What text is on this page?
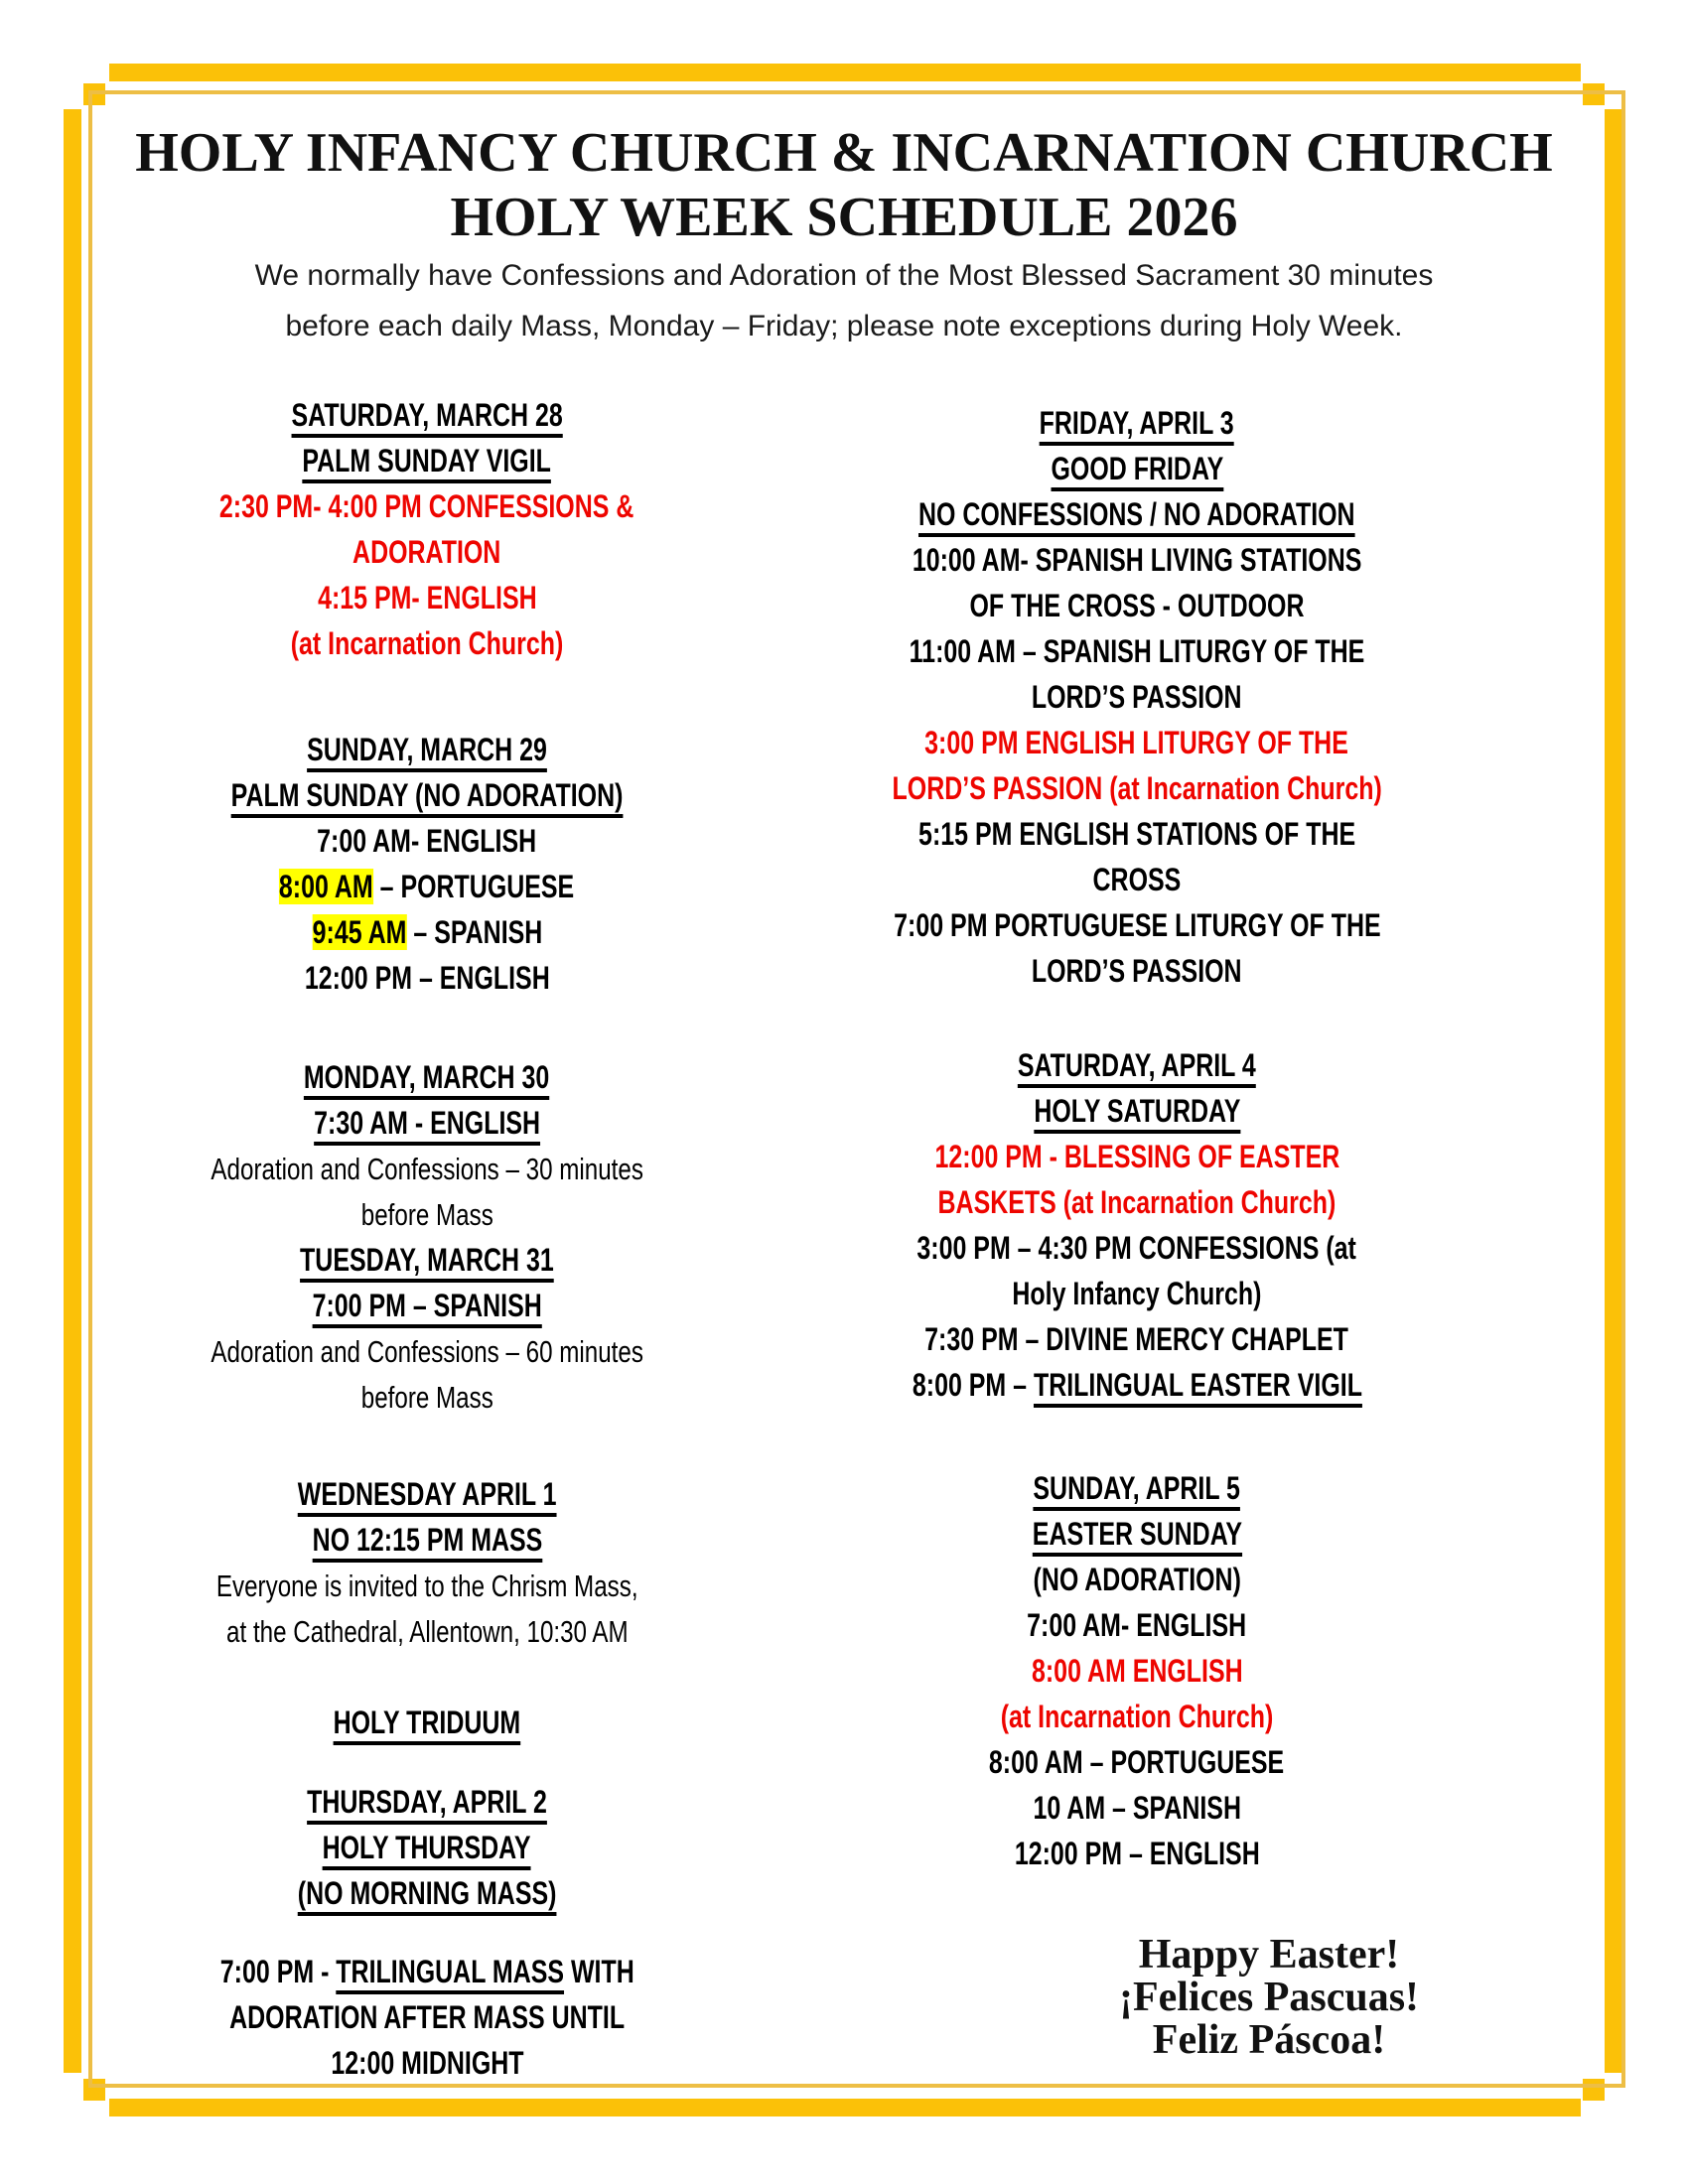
HOLY INFANCY CHURCH & INCARNATION CHURCH
HOLY WEEK SCHEDULE 2026
We normally have Confessions and Adoration of the Most Blessed Sacrament 30 minutes
before each daily Mass, Monday – Friday; please note exceptions during Holy Week.
SATURDAY, MARCH 28
PALM SUNDAY VIGIL
2:30 PM- 4:00 PM CONFESSIONS &
ADORATION
4:15 PM- ENGLISH
(at Incarnation Church)
SUNDAY, MARCH 29
PALM SUNDAY (NO ADORATION)
7:00 AM- ENGLISH
8:00 AM – PORTUGUESE
9:45 AM – SPANISH
12:00 PM – ENGLISH
MONDAY, MARCH 30
7:30 AM - ENGLISH
Adoration and Confessions – 30 minutes
before Mass
TUESDAY, MARCH 31
7:00 PM – SPANISH
Adoration and Confessions – 60 minutes
before Mass
WEDNESDAY APRIL 1
NO 12:15 PM MASS
Everyone is invited to the Chrism Mass,
at the Cathedral, Allentown, 10:30 AM
HOLY TRIDUUM
THURSDAY, APRIL 2
HOLY THURSDAY
(NO MORNING MASS)
7:00 PM - TRILINGUAL MASS WITH
ADORATION AFTER MASS UNTIL
12:00 MIDNIGHT
FRIDAY, APRIL 3
GOOD FRIDAY
NO CONFESSIONS / NO ADORATION
10:00 AM- SPANISH LIVING STATIONS
OF THE CROSS - OUTDOOR
11:00 AM – SPANISH LITURGY OF THE
LORD’S PASSION
3:00 PM ENGLISH LITURGY OF THE
LORD’S PASSION (at Incarnation Church)
5:15 PM ENGLISH STATIONS OF THE
CROSS
7:00 PM PORTUGUESE LITURGY OF THE
LORD’S PASSION
SATURDAY, APRIL 4
HOLY SATURDAY
12:00 PM - BLESSING OF EASTER
BASKETS (at Incarnation Church)
3:00 PM – 4:30 PM CONFESSIONS (at
Holy Infancy Church)
7:30 PM – DIVINE MERCY CHAPLET
8:00 PM – TRILINGUAL EASTER VIGIL
SUNDAY, APRIL 5
EASTER SUNDAY
(NO ADORATION)
7:00 AM- ENGLISH
8:00 AM ENGLISH
(at Incarnation Church)
8:00 AM – PORTUGUESE
10 AM – SPANISH
12:00 PM – ENGLISH
Happy Easter!
¡Felices Pascuas!
Feliz Páscoa!
